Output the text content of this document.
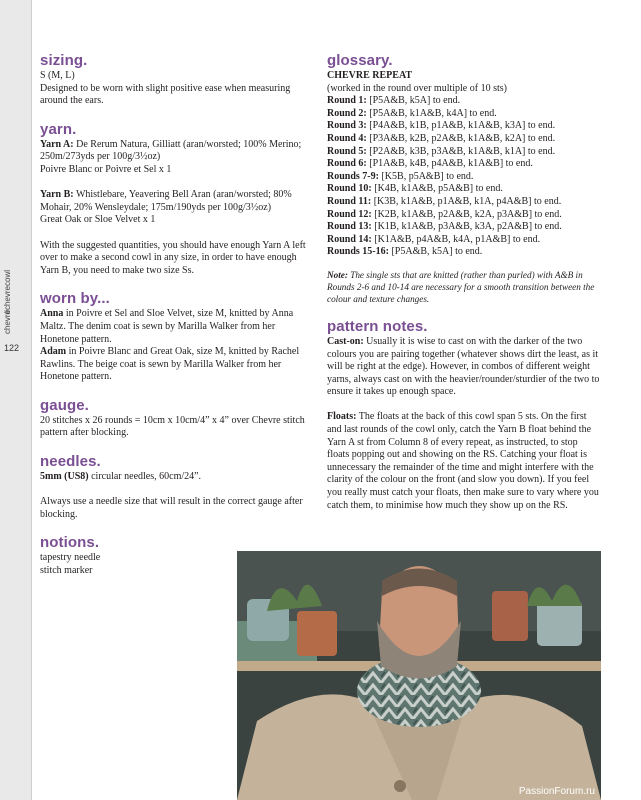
#chevrecowl
chevre
122
sizing.

S (M, L)

Designed to be worn with slight positive ease when measuring around the ears.

yarn.

Yarn A: De Rerum Natura, Gilliatt (aran/worsted; 100% Merino; 250m/273yds per 100g/3½oz)

Poivre Blanc or Poivre et Sel x 1

Yarn B: Whistlebare, Yeavering Bell Aran (aran/worsted; 80% Mohair, 20% Wensleydale; 175m/190yds per 100g/3½oz)

Great Oak or Sloe Velvet x 1

With the suggested quantities, you should have enough Yarn A left over to make a second cowl in any size, in order to have enough Yarn B, you need to make two size Ss.

worn by...

Anna in Poivre et Sel and Sloe Velvet, size M, knitted by Anna Maltz. The denim coat is sewn by Marilla Walker from her Honetone pattern.

Adam in Poivre Blanc and Great Oak, size M, knitted by Rachel Rawlins. The beige coat is sewn by Marilla Walker from her Honetone pattern.

gauge.

20 stitches x 26 rounds = 10cm x 10cm/4” x 4” over Chevre stitch pattern after blocking.

needles.

5mm (US8) circular needles, 60cm/24”.

Always use a needle size that will result in the correct gauge after blocking.

notions.

tapestry needle

stitch marker

glossary.

CHEVRE REPEAT

(worked in the round over multiple of 10 sts)

Round 1: [P5A&B, k5A] to end.

Round 2: [P5A&B, k1A&B, k4A] to end.

Round 3: [P4A&B, k1B, p1A&B, k1A&B, k3A] to end.

Round 4: [P3A&B, k2B, p2A&B, k1A&B, k2A] to end.

Round 5: [P2A&B, k3B, p3A&B, k1A&B, k1A] to end.

Round 6: [P1A&B, k4B, p4A&B, k1A&B] to end.

Rounds 7-9: [K5B, p5A&B] to end.

Round 10: [K4B, k1A&B, p5A&B] to end.

Round 11: [K3B, k1A&B, p1A&B, k1A, p4A&B] to end.

Round 12: [K2B, k1A&B, p2A&B, k2A, p3A&B] to end.

Round 13: [K1B, k1A&B, p3A&B, k3A, p2A&B] to end.

Round 14: [K1A&B, p4A&B, k4A, p1A&B] to end.

Rounds 15-16: [P5A&B, k5A] to end.

Note: The single sts that are knitted (rather than purled) with A&B in Rounds 2-6 and 10-14 are necessary for a smooth transition between the colour and texture changes.

pattern notes.

Cast-on: Usually it is wise to cast on with the darker of the two colours you are pairing together (whatever shows dirt the least, as it will be right at the edge). However, in combos of different weight yarns, always cast on with the heavier/rounder/sturdier of the two to ensure it takes up enough space.

Floats: The floats at the back of this cowl span 5 sts. On the first and last rounds of the cowl only, catch the Yarn B float behind the Yarn A st from Column 8 of every repeat, as instructed, to stop floats popping out and showing on the RS. Catching your float is unnecessary the remainder of the time and might interfere with the clarity of the colour on the front (and slow you down). If you feel you really must catch your floats, then make sure to vary where you catch them, to minimise how much they show up on the RS.

PassionForum.ru
